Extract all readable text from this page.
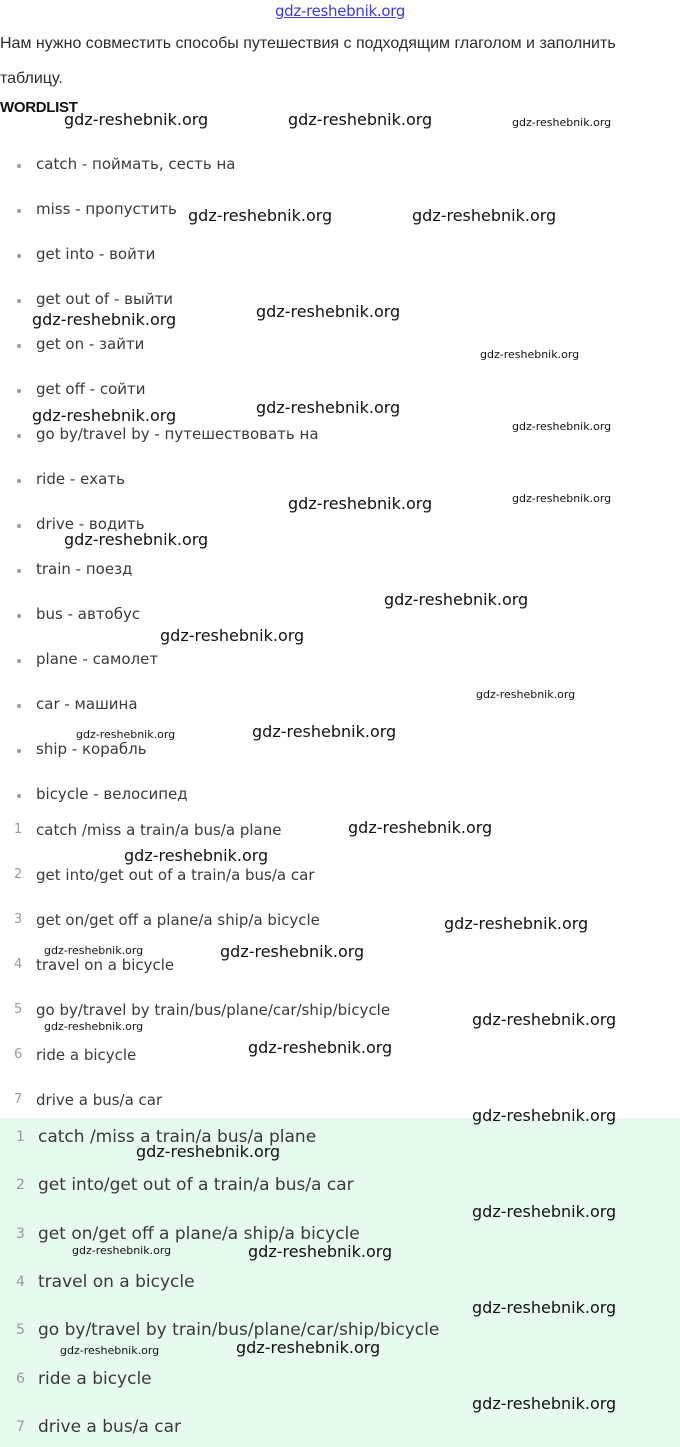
gdz-reshebnik.org
Нам нужно совместить способы путешествия с подходящим глаголом и заполнить таблицу.
WORDLIST
catch - поймать, сесть на
miss - пропустить
get into - войти
get out of - выйти
get on - зайти
get off - сойти
go by/travel by - путешествовать на
ride - ехать
drive - водить
train - поезд
bus - автобус
plane - самолет
car - машина
ship - корабль
bicycle - велосипед
1 catch /miss a train/a bus/a plane
2 get into/get out of a train/a bus/a car
3 get on/get off a plane/a ship/a bicycle
4 travel on a bicycle
5 go by/travel by train/bus/plane/car/ship/bicycle
6 ride a bicycle
7 drive a bus/a car
1 catch /miss a train/a bus/a plane
2 get into/get out of a train/a bus/a car
3 get on/get off a plane/a ship/a bicycle
4 travel on a bicycle
5 go by/travel by train/bus/plane/car/ship/bicycle
6 ride a bicycle
7 drive a bus/a car
gdz-reshebnik.org	gdz-reshebnik.org	gdz-reshebnik.org
gdz-reshebnik.org	gdz-reshebnik.org
gdz-reshebnik.org	gdz-reshebnik.org
gdz-reshebnik.org
gdz-reshebnik.org	gdz-reshebnik.org
gdz-reshebnik.org
gdz-reshebnik.org	gdz-reshebnik.org
gdz-reshebnik.org
gdz-reshebnik.org
gdz-reshebnik.org
gdz-reshebnik.org
gdz-reshebnik.org	gdz-reshebnik.org
gdz-reshebnik.org
gdz-reshebnik.org
gdz-reshebnik.org
gdz-reshebnik.org	gdz-reshebnik.org
gdz-reshebnik.org
gdz-reshebnik.org
gdz-reshebnik.org
gdz-reshebnik.org
gdz-reshebnik.org
gdz-reshebnik.org
gdz-reshebnik.org	gdz-reshebnik.org
gdz-reshebnik.org
gdz-reshebnik.org	gdz-reshebnik.org
gdz-reshebnik.org
